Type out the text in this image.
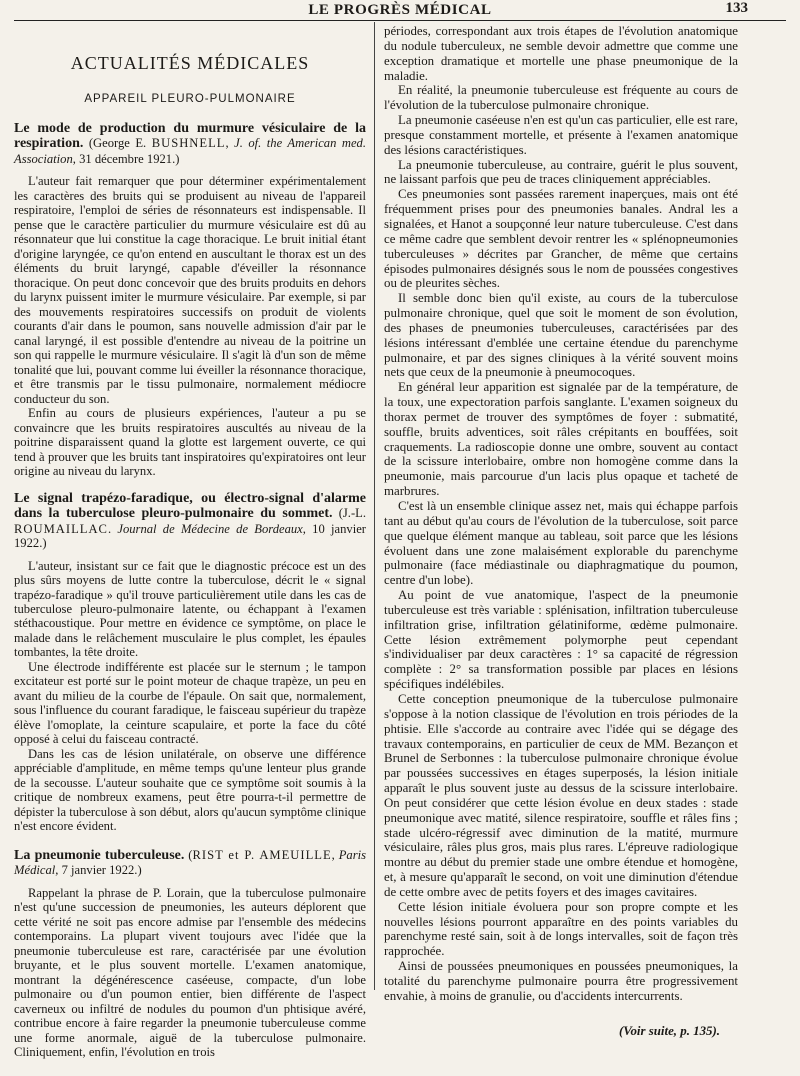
LE PROGRÈS MÉDICAL	133
ACTUALITÉS MÉDICALES
APPAREIL PLEURO-PULMONAIRE

Le mode de production du murmure vésiculaire de la respiration. (George E. BUSHNELL, J. of. the American med. Association, 31 décembre 1921.)

L'auteur fait remarquer que pour déterminer expérimentalement les caractères des bruits qui se produisent au niveau de l'appareil respiratoire, l'emploi de séries de résonnateurs est indispensable. Il pense que le caractère particulier du murmure vésiculaire est dû au résonnateur que lui constitue la cage thoracique. Le bruit initial étant d'origine laryngée, ce qu'on entend en auscultant le thorax est un des éléments du bruit laryngé, capable d'éveiller la résonnance thoracique. On peut donc concevoir que des bruits produits en dehors du larynx puissent imiter le murmure vésiculaire. Par exemple, si par des mouvements respiratoires successifs on produit de violents courants d'air dans le poumon, sans nouvelle admission d'air par le canal laryngé, il est possible d'entendre au niveau de la poitrine un son qui rappelle le murmure vésiculaire. Il s'agit là d'un son de même tonalité que lui, pouvant comme lui éveiller la résonnance thoracique, et être transmis par le tissu pulmonaire, normalement médiocre conducteur du son.

Enfin au cours de plusieurs expériences, l'auteur a pu se convaincre que les bruits respiratoires auscultés au niveau de la poitrine disparaissent quand la glotte est largement ouverte, ce qui tend à prouver que les bruits tant inspiratoires qu'expiratoires ont leur origine au niveau du larynx.

Le signal trapézo-faradique, ou électro-signal d'alarme dans la tuberculose pleuro-pulmonaire du sommet. (J.-L. ROUMAILLAC. Journal de Médecine de Bordeaux, 10 janvier 1922.)

L'auteur, insistant sur ce fait que le diagnostic précoce est un des plus sûrs moyens de lutte contre la tuberculose, décrit le « signal trapézo-faradique » qu'il trouve particulièrement utile dans les cas de tuberculose pleuro-pulmonaire latente, ou échappant à l'examen stéthacoustique. Pour mettre en évidence ce symptôme, on place le malade dans le relâchement musculaire le plus complet, les épaules tombantes, la tête droite.

Une électrode indifférente est placée sur le sternum ; le tampon excitateur est porté sur le point moteur de chaque trapèze, un peu en avant du milieu de la courbe de l'épaule. On sait que, normalement, sous l'influence du courant faradique, le faisceau supérieur du trapèze élève l'omoplate, la ceinture scapulaire, et porte la face du côté opposé à celui du faisceau contracté.

Dans les cas de lésion unilatérale, on observe une différence appréciable d'amplitude, en même temps qu'une lenteur plus grande de la secousse. L'auteur souhaite que ce symptôme soit soumis à la critique de nombreux examens, peut être pourra-t-il permettre de dépister la tuberculose à son début, alors qu'aucun symptôme clinique n'est encore évident.

La pneumonie tuberculeuse. (RIST et P. AMEUILLE, Paris Médical, 7 janvier 1922.)

Rappelant la phrase de P. Lorain, que la tuberculose pulmonaire n'est qu'une succession de pneumonies, les auteurs déplorent que cette vérité ne soit pas encore admise par l'ensemble des médecins contemporains. La plupart vivent toujours avec l'idée que la pneumonie tuberculeuse est rare, caractérisée par une évolution bruyante, et le plus souvent mortelle. L'examen anatomique, montrant la dégénérescence caséeuse, compacte, d'un lobe pulmonaire ou d'un poumon entier, bien différente de l'aspect caverneux ou infiltré de nodules du poumon d'un phtisique avéré, contribue encore à faire regarder la pneumonie tuberculeuse comme une forme anormale, aiguë de la tuberculose pulmonaire. Cliniquement, enfin, l'évolution en trois

périodes, correspondant aux trois étapes de l'évolution anatomique du nodule tuberculeux, ne semble devoir admettre que comme une exception dramatique et mortelle une phase pneumonique de la maladie.

En réalité, la pneumonie tuberculeuse est fréquente au cours de l'évolution de la tuberculose pulmonaire chronique.

La pneumonie caséeuse n'en est qu'un cas particulier, elle est rare, presque constamment mortelle, et présente à l'examen anatomique des lésions caractéristiques.

La pneumonie tuberculeuse, au contraire, guérit le plus souvent, ne laissant parfois que peu de traces cliniquement appréciables.

Ces pneumonies sont passées rarement inaperçues, mais ont été fréquemment prises pour des pneumonies banales. Andral les a signalées, et Hanot a soupçonné leur nature tuberculeuse. C'est dans ce même cadre que semblent devoir rentrer les « splénopneumonies tuberculeuses » décrites par Grancher, de même que certains épisodes pulmonaires désignés sous le nom de poussées congestives ou de pleurites sèches.

Il semble donc bien qu'il existe, au cours de la tuberculose pulmonaire chronique, quel que soit le moment de son évolution, des phases de pneumonies tuberculeuses, caractérisées par des lésions intéressant d'emblée une certaine étendue du parenchyme pulmonaire, et par des signes cliniques à la vérité souvent moins nets que ceux de la pneumonie à pneumocoques.

En général leur apparition est signalée par de la température, de la toux, une expectoration parfois sanglante. L'examen soigneux du thorax permet de trouver des symptômes de foyer : submatité, souffle, bruits adventices, soit râles crépitants en bouffées, soit craquements. La radioscopie donne une ombre, souvent au contact de la scissure interlobaire, ombre non homogène comme dans la pneumonie, mais parcourue d'un lacis plus opaque et tacheté de marbrures.

C'est là un ensemble clinique assez net, mais qui échappe parfois tant au début qu'au cours de l'évolution de la tuberculose, soit parce que quelque élément manque au tableau, soit parce que les lésions évoluent dans une zone malaisément explorable du parenchyme pulmonaire (face médiastinale ou diaphragmatique du poumon, centre d'un lobe).

Au point de vue anatomique, l'aspect de la pneumonie tuberculeuse est très variable : splénisation, infiltration tuberculeuse infiltration grise, infiltration gélatiniforme, œdème pulmonaire. Cette lésion extrêmement polymorphe peut cependant s'individualiser par deux caractères : 1° sa capacité de régression complète : 2° sa transformation possible par places en lésions spécifiques indélébiles.

Cette conception pneumonique de la tuberculose pulmonaire s'oppose à la notion classique de l'évolution en trois périodes de la phtisie. Elle s'accorde au contraire avec l'idée qui se dégage des travaux contemporains, en particulier de ceux de MM. Bezançon et Brunel de Serbonnes : la tuberculose pulmonaire chronique évolue par poussées successives en étages superposés, la lésion initiale apparaît le plus souvent juste au dessus de la scissure interlobaire. On peut considérer que cette lésion évolue en deux stades : stade pneumonique avec matité, silence respiratoire, souffle et râles fins ; stade ulcéro-régressif avec diminution de la matité, murmure vésiculaire, râles plus gros, mais plus rares. L'épreuve radiologique montre au début du premier stade une ombre étendue et homogène, et, à mesure qu'apparaît le second, on voit une diminution d'étendue de cette ombre avec de petits foyers et des images cavitaires.

Cette lésion initiale évoluera pour son propre compte et les nouvelles lésions pourront apparaître en des points variables du parenchyme resté sain, soit à de longs intervalles, soit de façon très rapprochée.

Ainsi de poussées pneumoniques en poussées pneumoniques, la totalité du parenchyme pulmonaire pourra être progressivement envahie, à moins de granulie, ou d'accidents intercurrents.

(Voir suite, p. 135).
